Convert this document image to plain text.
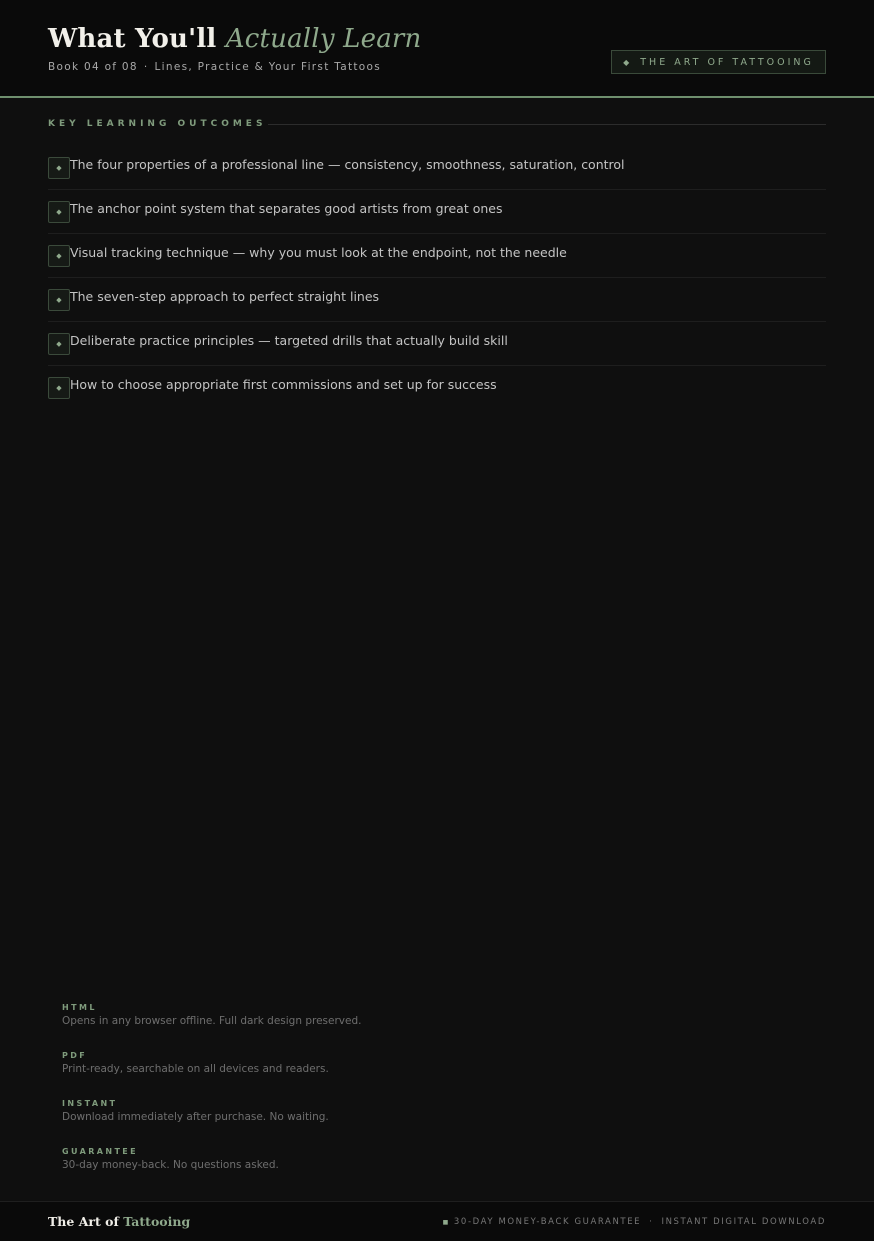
What You'll Actually Learn
Book 04 of 08 · Lines, Practice & Your First Tattoos	◆ THE ART OF TATTOOING
KEY LEARNING OUTCOMES
◆ The four properties of a professional line — consistency, smoothness, saturation, control
◆ The anchor point system that separates good artists from great ones
◆ Visual tracking technique — why you must look at the endpoint, not the needle
◆ The seven-step approach to perfect straight lines
◆ Deliberate practice principles — targeted drills that actually build skill
◆ How to choose appropriate first commissions and set up for success
HTML
Opens in any browser offline. Full dark design preserved.
PDF
Print-ready, searchable on all devices and readers.
INSTANT
Download immediately after purchase. No waiting.
GUARANTEE
30-day money-back. No questions asked.
The Art of Tattooing	■ 30-DAY MONEY-BACK GUARANTEE · INSTANT DIGITAL DOWNLOAD
